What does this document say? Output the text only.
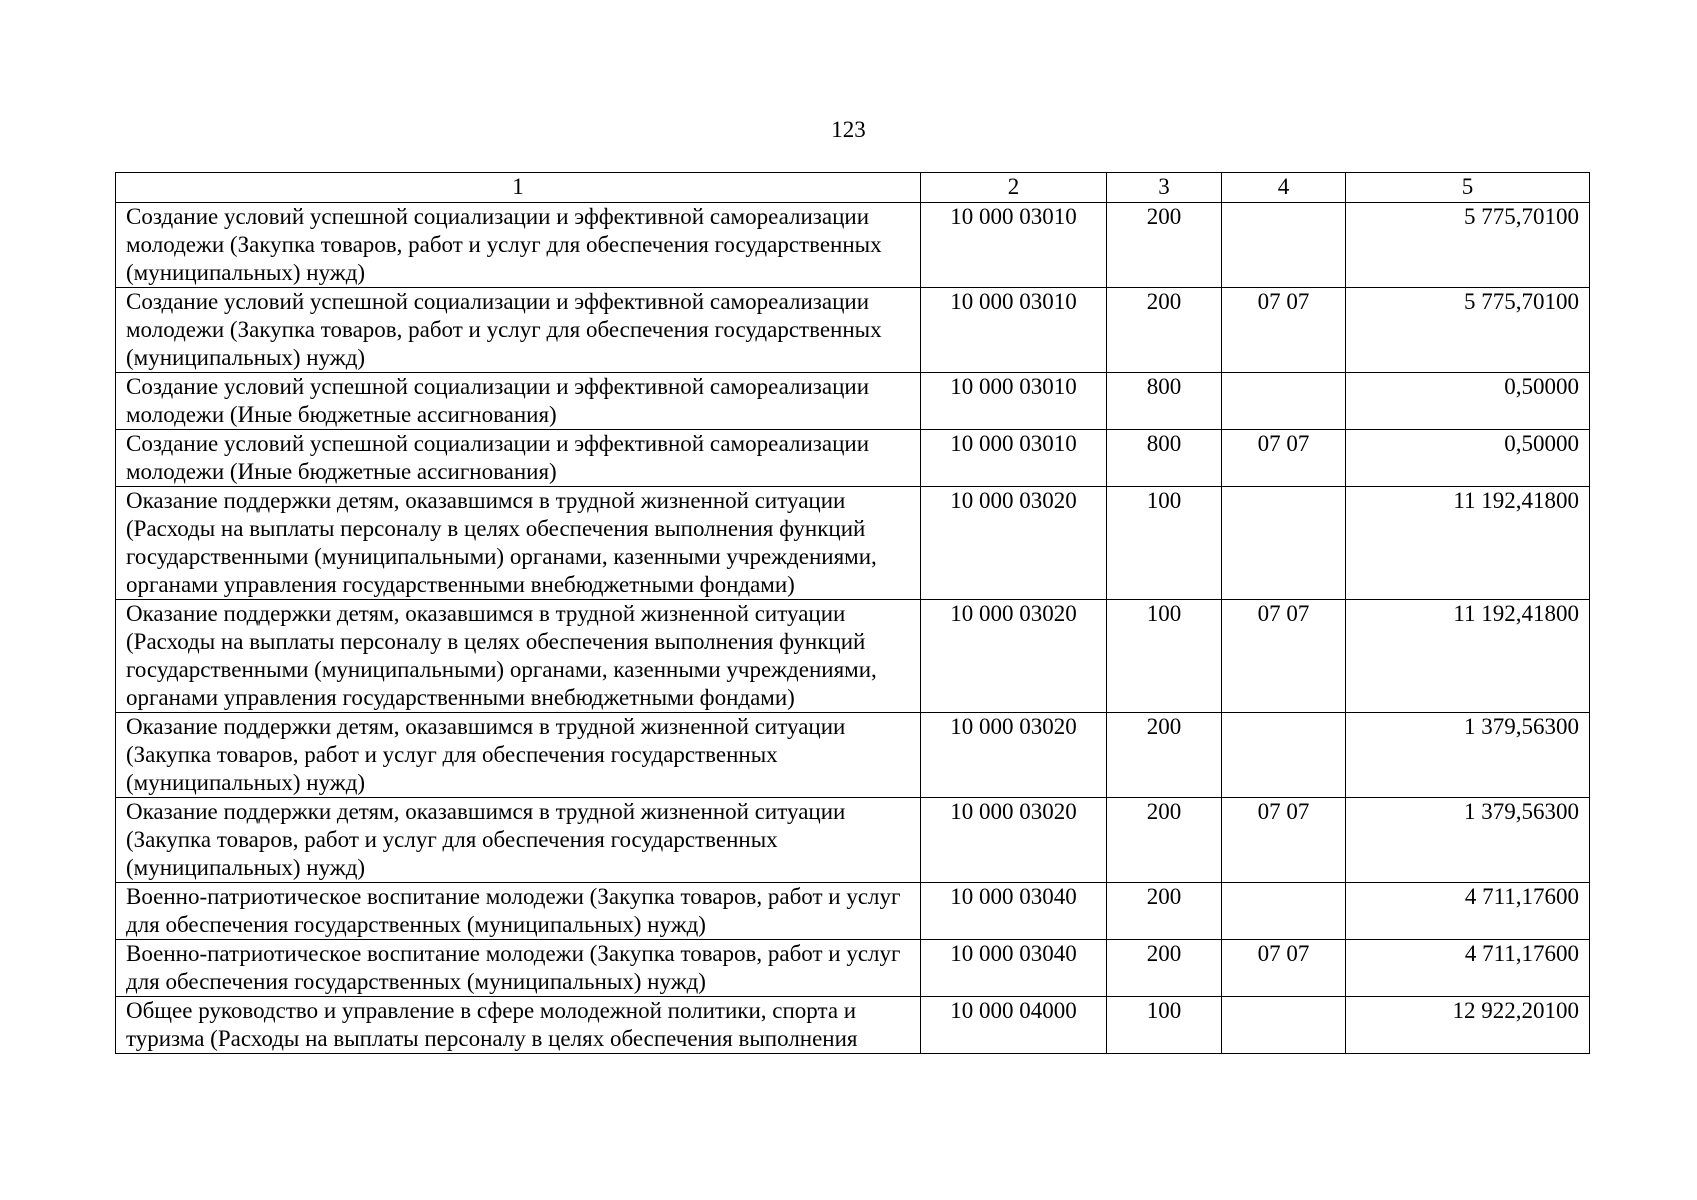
123
1	2	3	4	5
Создание условий успешной социализации и эффективной самореализации молодежи (Закупка товаров, работ и услуг для обеспечения государственных (муниципальных) нужд)	10 000 03010	200		5 775,70100
Создание условий успешной социализации и эффективной самореализации молодежи (Закупка товаров, работ и услуг для обеспечения государственных (муниципальных) нужд)	10 000 03010	200	07 07	5 775,70100
Создание условий успешной социализации и эффективной самореализации молодежи (Иные бюджетные ассигнования)	10 000 03010	800		0,50000
Создание условий успешной социализации и эффективной самореализации молодежи (Иные бюджетные ассигнования)	10 000 03010	800	07 07	0,50000
Оказание поддержки детям, оказавшимся в трудной жизненной ситуации (Расходы на выплаты персоналу в целях обеспечения выполнения функций государственными (муниципальными) органами, казенными учреждениями, органами управления государственными внебюджетными фондами)	10 000 03020	100		11 192,41800
Оказание поддержки детям, оказавшимся в трудной жизненной ситуации (Расходы на выплаты персоналу в целях обеспечения выполнения функций государственными (муниципальными) органами, казенными учреждениями, органами управления государственными внебюджетными фондами)	10 000 03020	100	07 07	11 192,41800
Оказание поддержки детям, оказавшимся в трудной жизненной ситуации (Закупка товаров, работ и услуг для обеспечения государственных (муниципальных) нужд)	10 000 03020	200		1 379,56300
Оказание поддержки детям, оказавшимся в трудной жизненной ситуации (Закупка товаров, работ и услуг для обеспечения государственных (муниципальных) нужд)	10 000 03020	200	07 07	1 379,56300
Военно-патриотическое воспитание молодежи (Закупка товаров, работ и услуг для обеспечения государственных (муниципальных) нужд)	10 000 03040	200		4 711,17600
Военно-патриотическое воспитание молодежи (Закупка товаров, работ и услуг для обеспечения государственных (муниципальных) нужд)	10 000 03040	200	07 07	4 711,17600
Общее руководство и управление в сфере молодежной политики, спорта и туризма (Расходы на выплаты персоналу в целях обеспечения выполнения	10 000 04000	100		12 922,20100
